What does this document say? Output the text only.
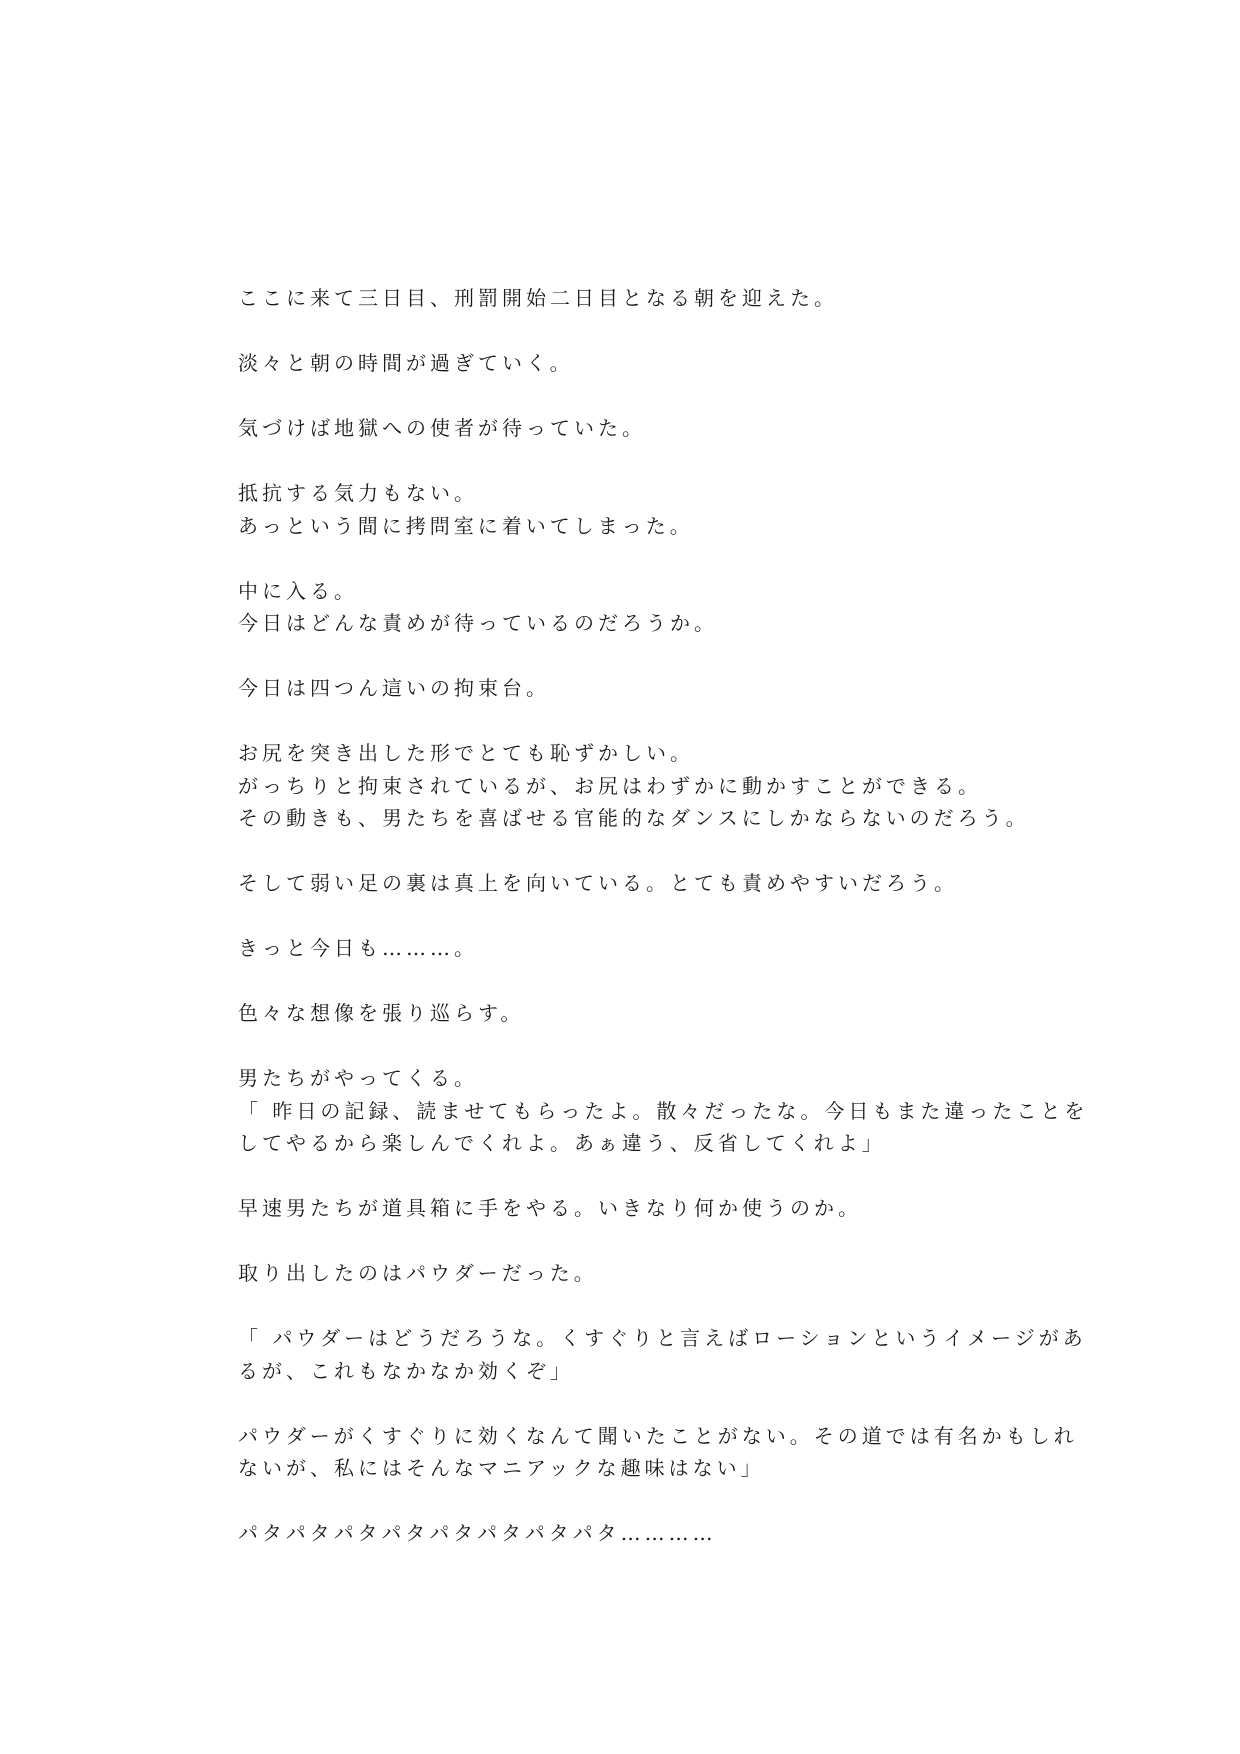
ここに来て三日目、刑罰開始二日目となる朝を迎えた。
淡々と朝の時間が過ぎていく。
気づけば地獄への使者が待っていた。
抵抗する気力もない。
あっという間に拷問室に着いてしまった。
中に入る。
今日はどんな責めが待っているのだろうか。
今日は四つん這いの拘束台。
お尻を突き出した形でとても恥ずかしい。
がっちりと拘束されているが、お尻はわずかに動かすことができる。
その動きも、男たちを喜ばせる官能的なダンスにしかならないのだろう。
そして弱い足の裏は真上を向いている。とても責めやすいだろう。
きっと今日も………。
色々な想像を張り巡らす。
男たちがやってくる。
「 昨日の記録、読ませてもらったよ。散々だったな。今日もまた違ったことを
してやるから楽しんでくれよ。あぁ違う、反省してくれよ」
早速男たちが道具箱に手をやる。いきなり何か使うのか。
取り出したのはパウダーだった。
「 パウダーはどうだろうな。くすぐりと言えばローションというイメージがあ
るが、これもなかなか効くぞ」
パウダーがくすぐりに効くなんて聞いたことがない。その道では有名かもしれ
ないが、私にはそんなマニアックな趣味はない」
パタパタパタパタパタパタパタパタ…………
